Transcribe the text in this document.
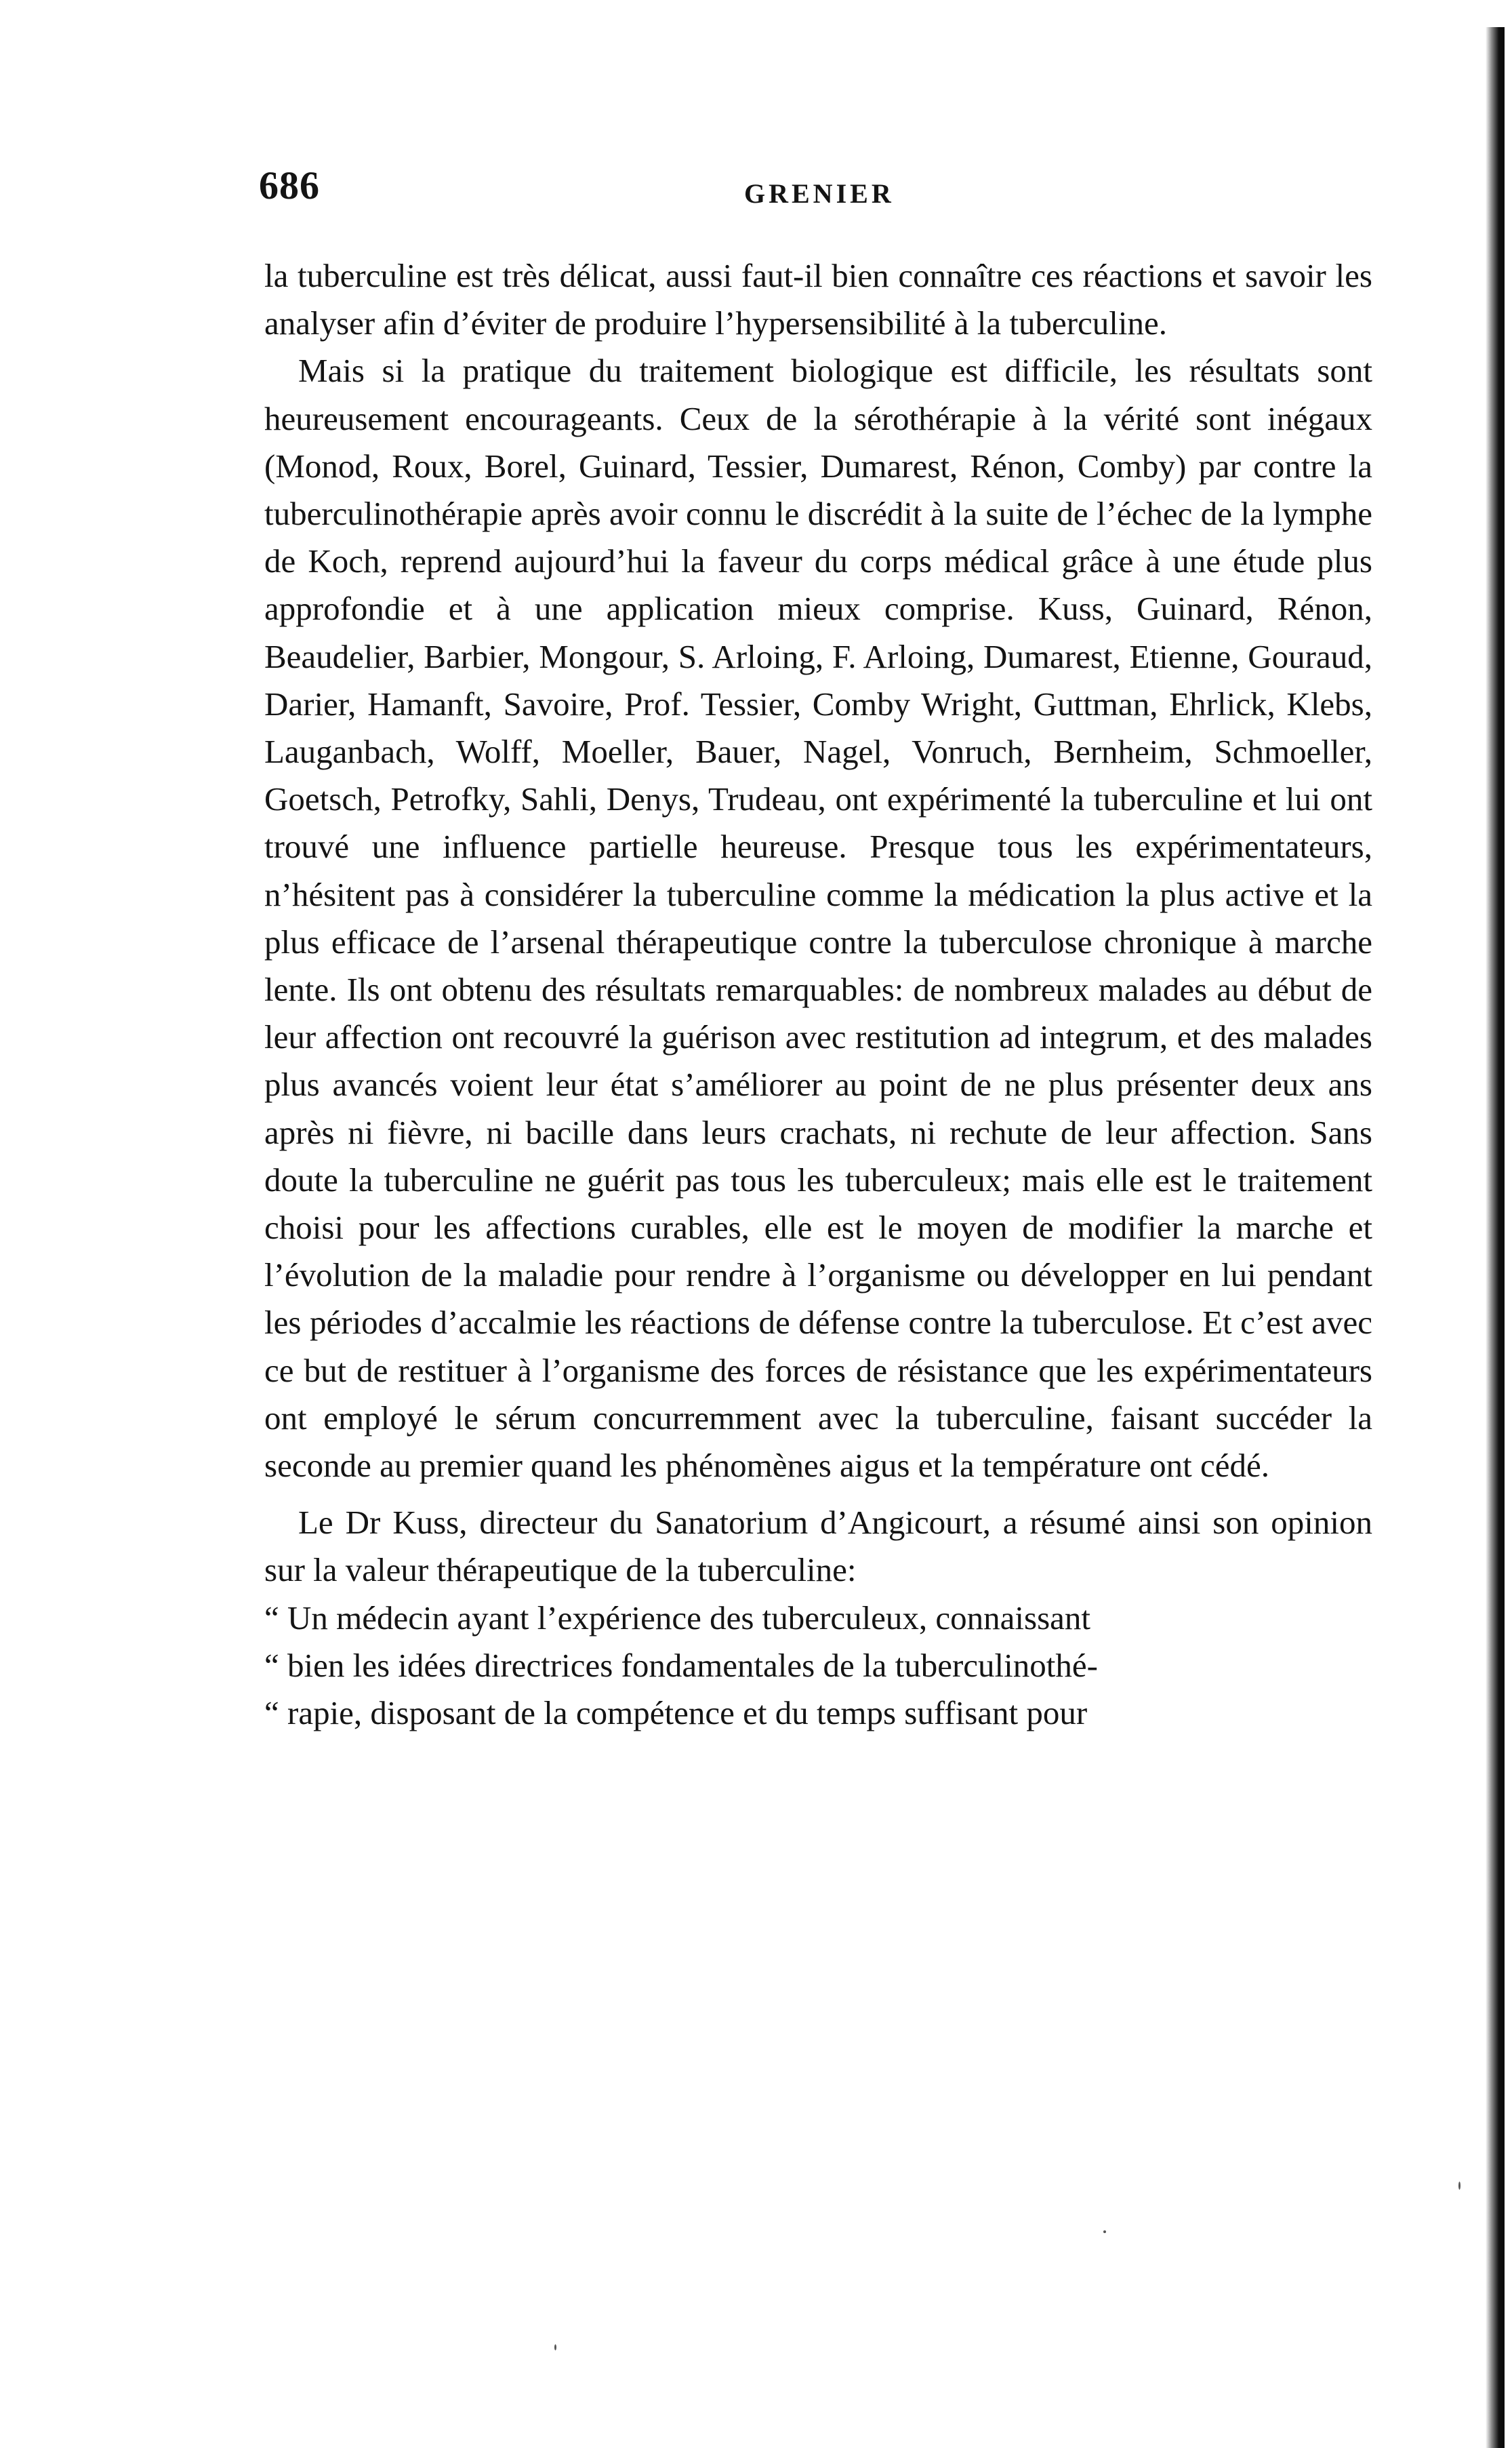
686	GRENIER

la tuberculine est très délicat, aussi faut-il bien connaître ces réactions et savoir les analyser afin d’éviter de produire l’hypersensibilité à la tuberculine.

Mais si la pratique du traitement biologique est difficile, les résultats sont heureusement encourageants. Ceux de la sérothérapie à la vérité sont inégaux (Monod, Roux, Borel, Guinard, Tessier, Dumarest, Rénon, Comby) par contre la tuberculinothérapie après avoir connu le discrédit à la suite de l’échec de la lymphe de Koch, reprend aujourd’hui la faveur du corps médical grâce à une étude plus approfondie et à une application mieux comprise. Kuss, Guinard, Rénon, Beaudelier, Barbier, Mongour, S. Arloing, F. Arloing, Dumarest, Etienne, Gouraud, Darier, Hamanft, Savoire, Prof. Tessier, Comby Wright, Guttman, Ehrlick, Klebs, Lauganbach, Wolff, Moeller, Bauer, Nagel, Vonruch, Bernheim, Schmoeller, Goetsch, Petrofky, Sahli, Denys, Trudeau, ont expérimenté la tuberculine et lui ont trouvé une influence partielle heureuse. Presque tous les expérimentateurs, n’hésitent pas à considérer la tuberculine comme la médication la plus active et la plus efficace de l’arsenal thérapeutique contre la tuberculose chronique à marche lente. Ils ont obtenu des résultats remarquables: de nombreux malades au début de leur affection ont recouvré la guérison avec restitution ad integrum, et des malades plus avancés voient leur état s’améliorer au point de ne plus présenter deux ans après ni fièvre, ni bacille dans leurs crachats, ni rechute de leur affection. Sans doute la tuberculine ne guérit pas tous les tuberculeux; mais elle est le traitement choisi pour les affections curables, elle est le moyen de modifier la marche et l’évolution de la maladie pour rendre à l’organisme ou développer en lui pendant les périodes d’accalmie les réactions de défense contre la tuberculose. Et c’est avec ce but de restituer à l’organisme des forces de résistance que les expérimentateurs ont employé le sérum concurremment avec la tuberculine, faisant succéder la seconde au premier quand les phénomènes aigus et la température ont cédé.

Le Dr Kuss, directeur du Sanatorium d’Angicourt, a résumé ainsi son opinion sur la valeur thérapeutique de la tuberculine:

“ Un médecin ayant l’expérience des tuberculeux, connaissant
“ bien les idées directrices fondamentales de la tuberculinothé-
“ rapie, disposant de la compétence et du temps suffisant pour
